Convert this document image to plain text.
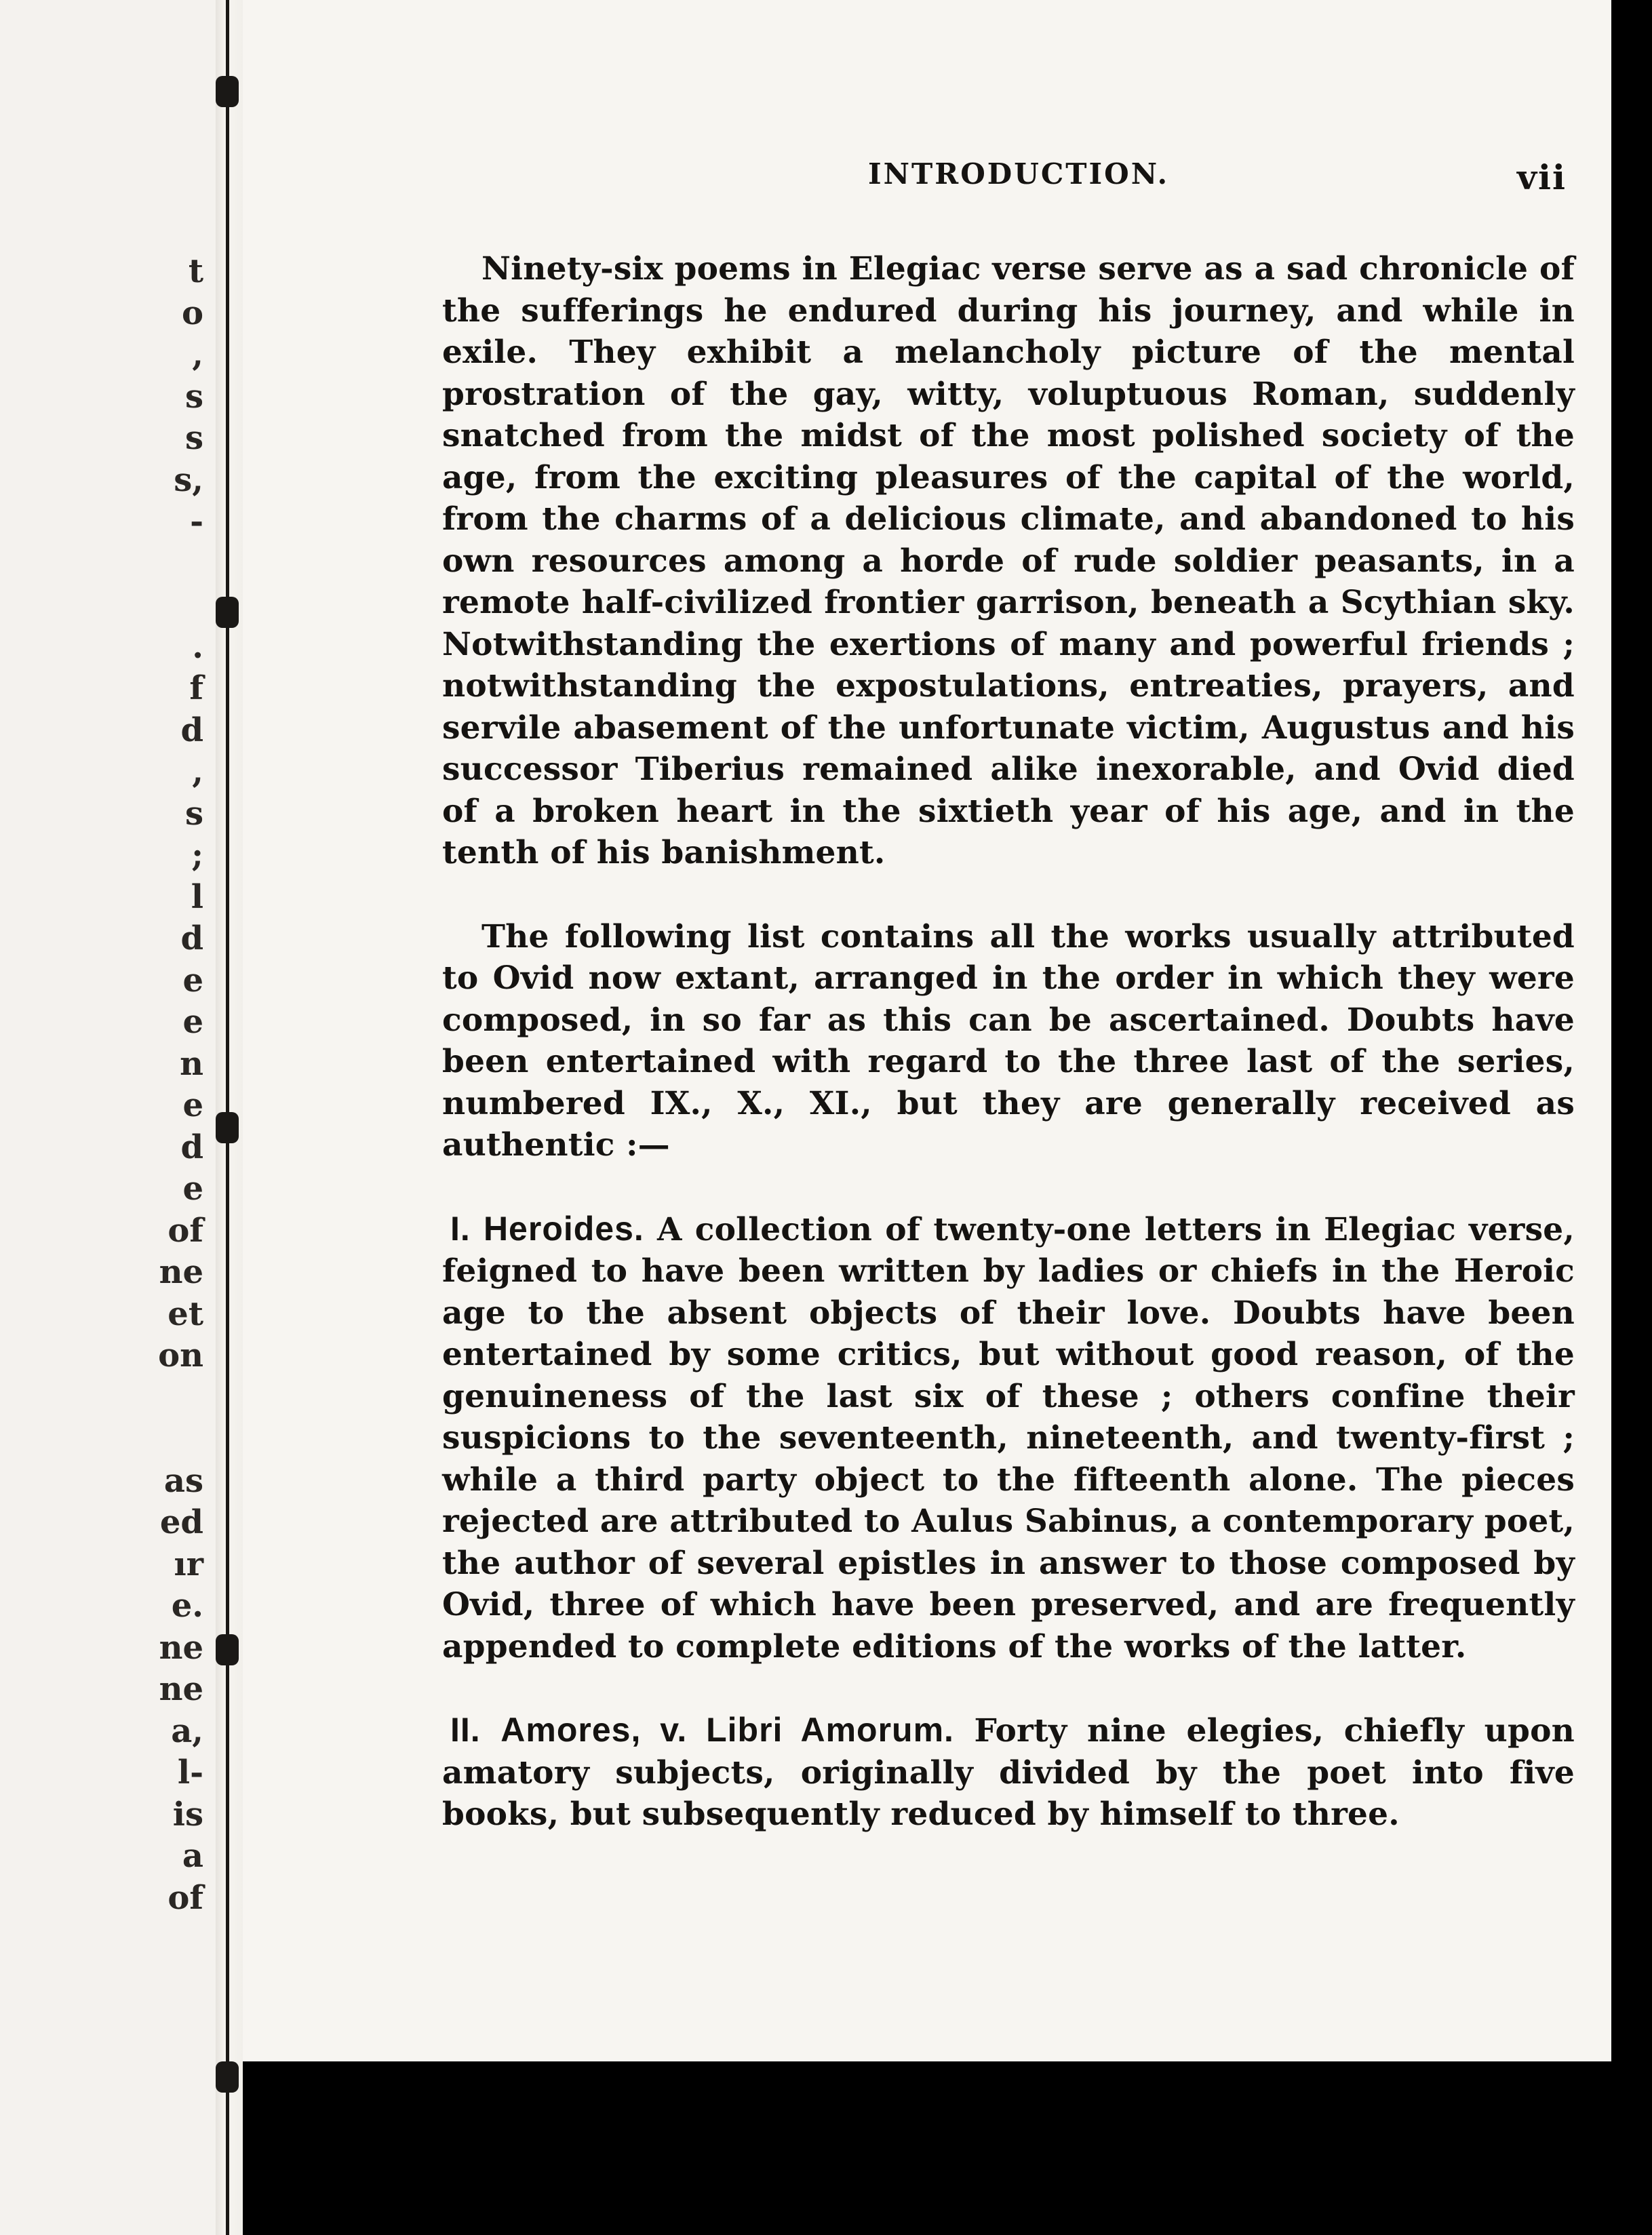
t
o
,
s
s
s,
-
.
f
d
,
s
;
l
d
e
e
n
e
d
e
of
ne
et
on
as
ed
ır
e.
ne
ne
a,
l-
is
a
of
INTRODUCTION.	vii

Ninety-six poems in Elegiac verse serve as a sad chronicle of the sufferings he endured during his journey, and while in exile. They exhibit a melancholy picture of the mental prostration of the gay, witty, voluptuous Roman, suddenly snatched from the midst of the most polished society of the age, from the exciting pleasures of the capital of the world, from the charms of a delicious climate, and abandoned to his own resources among a horde of rude soldier peasants, in a remote half-civilized frontier garrison, beneath a Scythian sky. Notwithstanding the exertions of many and powerful friends ; notwithstanding the expostulations, entreaties, prayers, and servile abasement of the unfortunate victim, Augustus and his successor Tiberius remained alike inexorable, and Ovid died of a broken heart in the sixtieth year of his age, and in the tenth of his banishment.

The following list contains all the works usually attributed to Ovid now extant, arranged in the order in which they were composed, in so far as this can be ascertained. Doubts have been entertained with regard to the three last of the series, numbered IX., X., XI., but they are generally received as authentic :—

I. Heroides. A collection of twenty-one letters in Elegiac verse, feigned to have been written by ladies or chiefs in the Heroic age to the absent objects of their love. Doubts have been entertained by some critics, but without good reason, of the genuineness of the last six of these ; others confine their suspicions to the seventeenth, nineteenth, and twenty-first ; while a third party object to the fifteenth alone. The pieces rejected are attributed to Aulus Sabinus, a contemporary poet, the author of several epistles in answer to those composed by Ovid, three of which have been preserved, and are frequently appended to complete editions of the works of the latter.

II. Amores, v. Libri Amorum. Forty nine elegies, chiefly upon amatory subjects, originally divided by the poet into five books, but subsequently reduced by himself to three.
